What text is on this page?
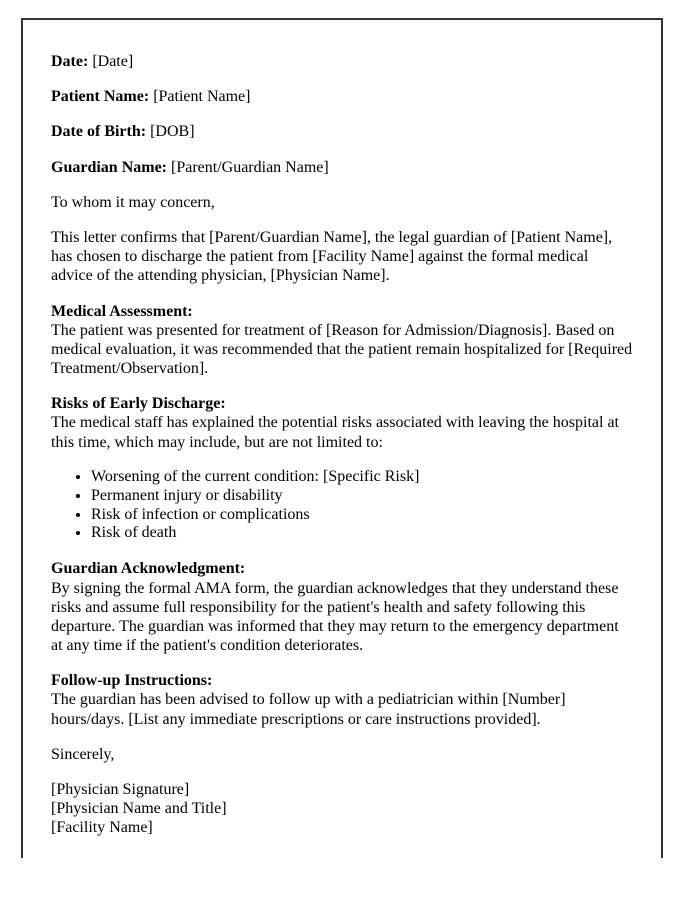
Date: [Date]

Patient Name: [Patient Name]

Date of Birth: [DOB]

Guardian Name: [Parent/Guardian Name]

To whom it may concern,

This letter confirms that [Parent/Guardian Name], the legal guardian of [Patient Name], has chosen to discharge the patient from [Facility Name] against the formal medical advice of the attending physician, [Physician Name].

Medical Assessment:
The patient was presented for treatment of [Reason for Admission/Diagnosis]. Based on medical evaluation, it was recommended that the patient remain hospitalized for [Required Treatment/Observation].

Risks of Early Discharge:
The medical staff has explained the potential risks associated with leaving the hospital at this time, which may include, but are not limited to:

• Worsening of the current condition: [Specific Risk]
• Permanent injury or disability
• Risk of infection or complications
• Risk of death

Guardian Acknowledgment:
By signing the formal AMA form, the guardian acknowledges that they understand these risks and assume full responsibility for the patient's health and safety following this departure. The guardian was informed that they may return to the emergency department at any time if the patient's condition deteriorates.

Follow-up Instructions:
The guardian has been advised to follow up with a pediatrician within [Number] hours/days. [List any immediate prescriptions or care instructions provided].

Sincerely,

[Physician Signature]
[Physician Name and Title]
[Facility Name]
